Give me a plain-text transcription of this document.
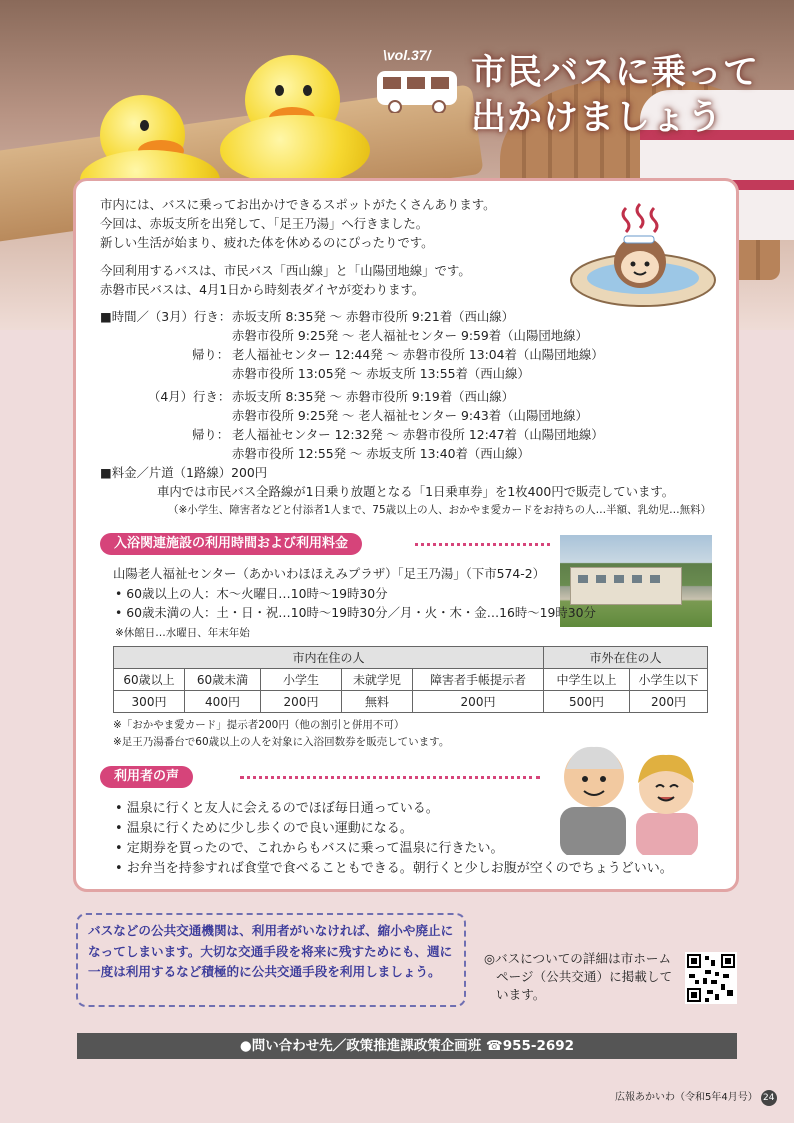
\vol.37/ 市民バスに乗って
出かけましょう
市内には、バスに乗ってお出かけできるスポットがたくさんあります。
今回は、赤坂支所を出発して、「足王乃湯」へ行きました。
新しい生活が始まり、疲れた体を休めるのにぴったりです。
今回利用するバスは、市民バス「西山線」と「山陽団地線」です。
赤磐市民バスは、4月1日から時刻表ダイヤが変わります。
■時間／（3月）行き： 赤坂支所 8:35発 ～ 赤磐市役所 9:21着（西山線）
赤磐市役所 9:25発 ～ 老人福祉センター 9:59着（山陽団地線）
帰り： 老人福祉センター 12:44発 ～ 赤磐市役所 13:04着（山陽団地線）
赤磐市役所 13:05発 ～ 赤坂支所 13:55着（西山線）
（4月）行き： 赤坂支所 8:35発 ～ 赤磐市役所 9:19着（西山線）
赤磐市役所 9:25発 ～ 老人福祉センター 9:43着（山陽団地線）
帰り： 老人福祉センター 12:32発 ～ 赤磐市役所 12:47着（山陽団地線）
赤磐市役所 12:55発 ～ 赤坂支所 13:40着（西山線）
■料金／片道（1路線）200円
車内では市民バス全路線が1日乗り放題となる「1日乗車券」を1枚400円で販売しています。
（※小学生、障害者などと付添者1人まで、75歳以上の人、おかやま愛カードをお持ちの人…半額、乳幼児…無料）
入浴関連施設の利用時間および利用料金
山陽老人福祉センター（あかいわほほえみプラザ）「足王乃湯」（下市574-2）
• 60歳以上の人：木～火曜日…10時～19時30分
• 60歳未満の人：土・日・祝…10時～19時30分／月・火・木・金…16時～19時30分
※休館日…水曜日、年末年始
市内在住の人					市外在住の人	
60歳以上	60歳未満	小学生	未就学児	障害者手帳提示者	中学生以上	小学生以下
300円	400円	200円	無料	200円	500円	200円
※「おかやま愛カード」提示者200円（他の割引と併用不可）
※足王乃湯番台で60歳以上の人を対象に入浴回数券を販売しています。
利用者の声
• 温泉に行くと友人に会えるのでほぼ毎日通っている。
• 温泉に行くために少し歩くので良い運動になる。
• 定期券を買ったので、これからもバスに乗って温泉に行きたい。
• お弁当を持参すれば食堂で食べることもできる。朝行くと少しお腹が空くのでちょうどいい。
バスなどの公共交通機関は、利用者がいなければ、縮小や廃止になってしまいます。大切な交通手段を将来に残すためにも、週に一度は利用するなど積極的に公共交通手段を利用しましょう。
◎バスについての詳細は市ホーム
ページ（公共交通）に掲載して
います。
●問い合わせ先／政策推進課政策企画班 ☎955-2692
広報あかいわ（令和5年4月号） 24
